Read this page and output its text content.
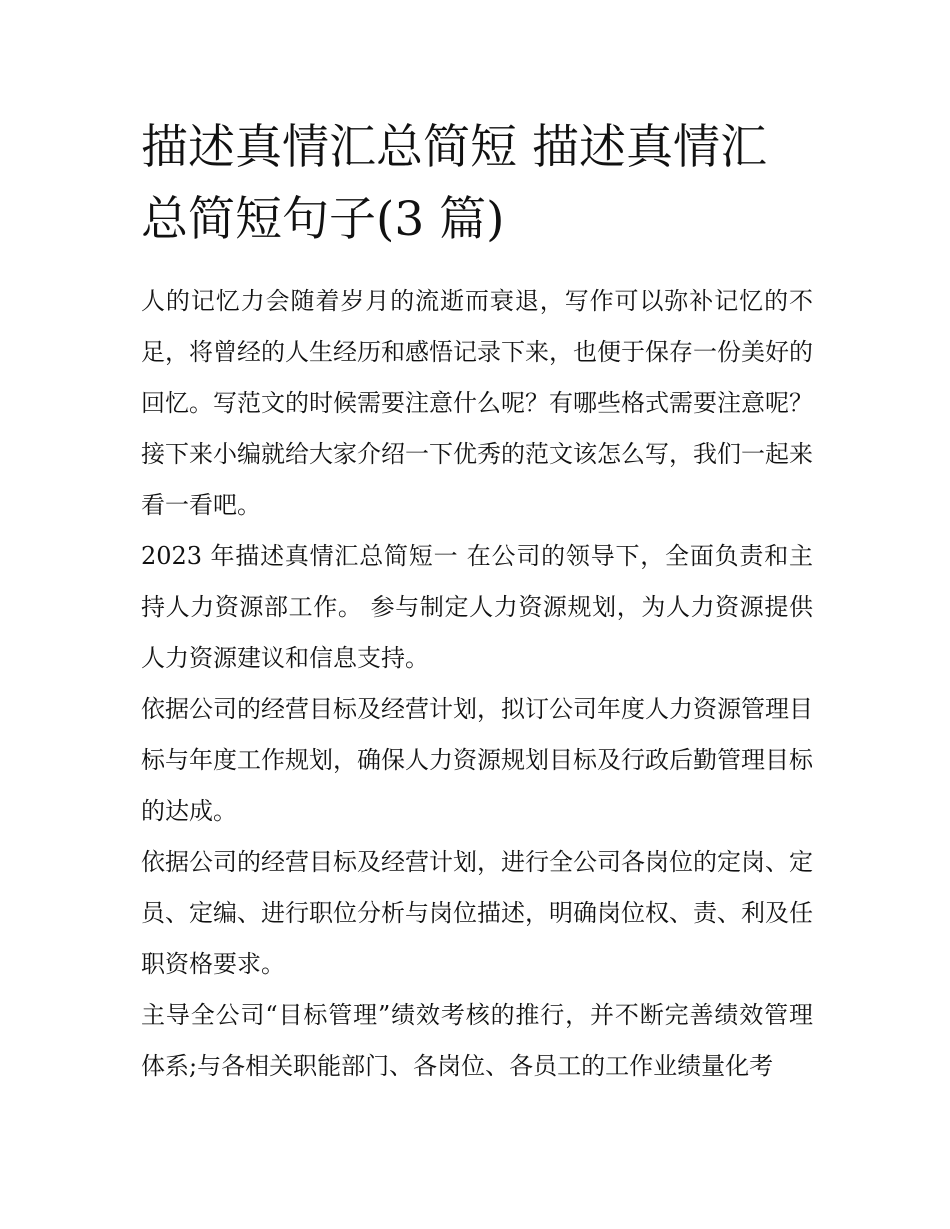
描述真情汇总简短 描述真情汇总简短句子(3 篇)

人的记忆力会随着岁月的流逝而衰退，写作可以弥补记忆的不足，将曾经的人生经历和感悟记录下来，也便于保存一份美好的回忆。写范文的时候需要注意什么呢？有哪些格式需要注意呢？接下来小编就给大家介绍一下优秀的范文该怎么写，我们一起来看一看吧。

2023 年描述真情汇总简短一 在公司的领导下，全面负责和主持人力资源部工作。 参与制定人力资源规划，为人力资源提供人力资源建议和信息支持。

依据公司的经营目标及经营计划，拟订公司年度人力资源管理目标与年度工作规划，确保人力资源规划目标及行政后勤管理目标的达成。

依据公司的经营目标及经营计划，进行全公司各岗位的定岗、定员、定编、进行职位分析与岗位描述，明确岗位权、责、利及任职资格要求。

主导全公司“目标管理”绩效考核的推行，并不断完善绩效管理体系;与各相关职能部门、各岗位、各员工的工作业绩量化考
